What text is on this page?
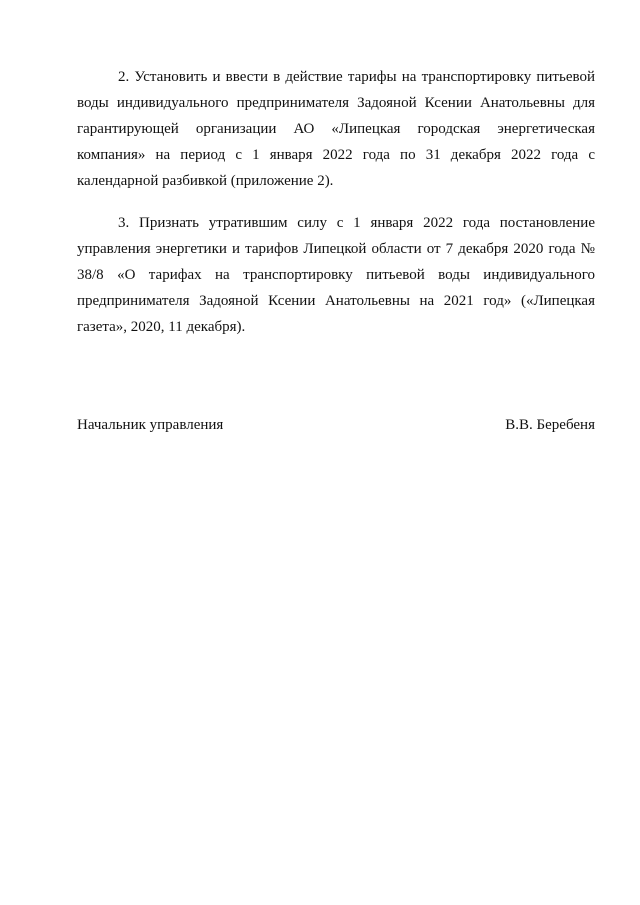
2. Установить и ввести в действие тарифы на транспортировку питьевой воды индивидуального предпринимателя Задояной Ксении Анатольевны для гарантирующей организации АО «Липецкая городская энергетическая компания» на период с 1 января 2022 года по 31 декабря 2022 года с календарной разбивкой (приложение 2).

3. Признать утратившим силу с 1 января 2022 года постановление управления энергетики и тарифов Липецкой области от 7 декабря 2020 года № 38/8 «О тарифах на транспортировку питьевой воды индивидуального предпринимателя Задояной Ксении Анатольевны на 2021 год» («Липецкая газета», 2020, 11 декабря).

Начальник управления	В.В. Беребеня
